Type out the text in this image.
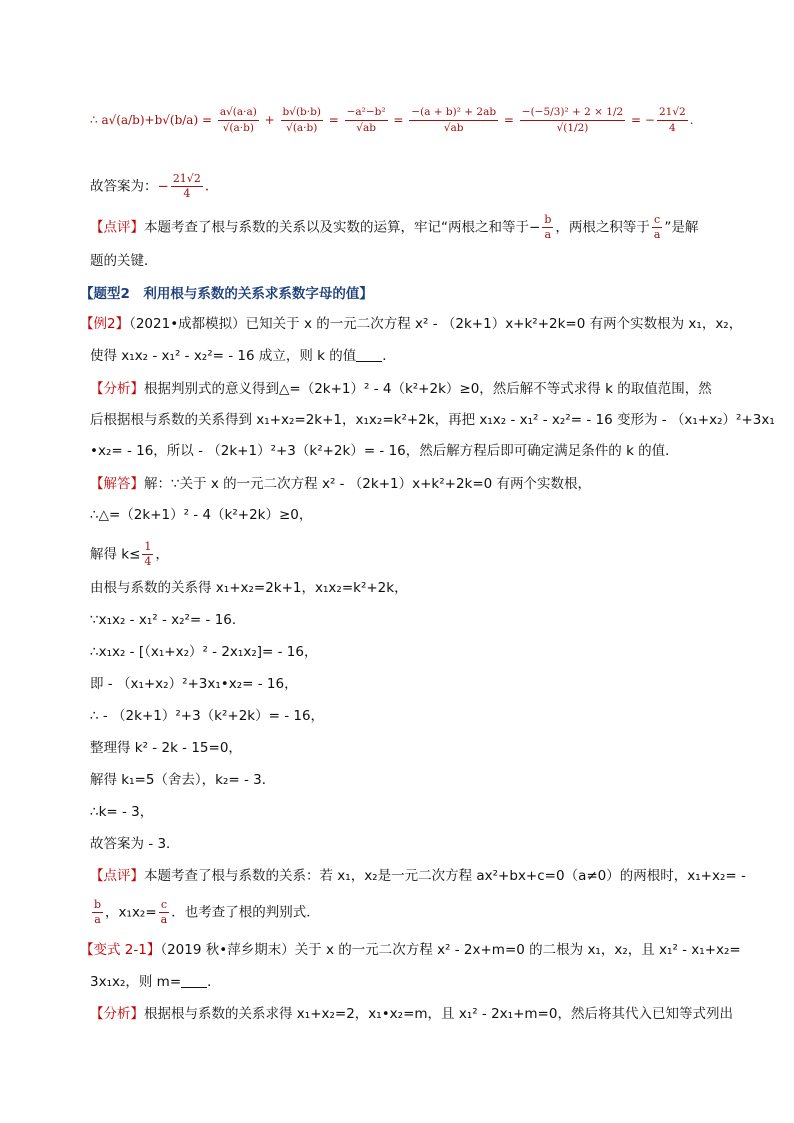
∴ $a√(a/b)+b√(b/a) = \frac{a√(a\cdot a)}{√(a\cdot b)} + \frac{b√(b\cdot b)}{√(a\cdot b)} = \frac{\text{−a²−b²}}{√ab} = \frac{\text{−(a + b)² + 2ab}}{√ab} = \frac{\text{−(−5/3)² + 2 × 1/2}}{√(1/2)}$ = − $\frac{21√2}{4}$ .
故答案为：− $\frac{21√2}{4}$ .
【点评】本题考查了根与系数的关系以及实数的运算，牢记“两根之和等于− $\frac{b}{a}$ ，两根之积等于 $\frac{c}{a}$ ”是解
题的关键．
【题型2　利用根与系数的关系求系数字母的值】
【例2】（2021•成都模拟）已知关于 x 的一元二次方程 x² - （2k+1）x+k²+2k=0 有两个实数根为 x₁，x₂，
使得 x₁x₂ - x₁² - x₂²= - 16 成立，则 k 的值 ．
【分析】根据判别式的意义得到△=（2k+1）² - 4（k²+2k）≥0，然后解不等式求得 k 的取值范围，然
后根据根与系数的关系得到 x₁+x₂=2k+1，x₁x₂=k²+2k，再把 x₁x₂ - x₁² - x₂²= - 16 变形为 - （x₁+x₂）²+3x₁
•x₂= - 16，所以 - （2k+1）²+3（k²+2k）= - 16，然后解方程后即可确定满足条件的 k 的值．
【解答】解：∵关于 x 的一元二次方程 x² - （2k+1）x+k²+2k=0 有两个实数根，
∴△=（2k+1）² - 4（k²+2k）≥0，
解得 $k\le \frac{1}{4}$ ，
由根与系数的关系得 x₁+x₂=2k+1，x₁x₂=k²+2k，
∵x₁x₂ - x₁² - x₂²= - 16．
∴x₁x₂ - [（x₁+x₂）² - 2x₁x₂]= - 16，
即 - （x₁+x₂）²+3x₁•x₂= - 16，
∴ - （2k+1）²+3（k²+2k）= - 16，
整理得 k² - 2k - 15=0，
解得 k₁=5（舍去），k₂= - 3．
∴k= - 3，
故答案为 - 3．
【点评】本题考查了根与系数的关系：若 x₁，x₂是一元二次方程 ax²+bx+c=0（a≠0）的两根时，x₁+x₂= -
$\frac{b}{a}$ ，$x_1x_2= \frac{c}{a}$ ．也考查了根的判别式．
【变式 2-1】（2019 秋•萍乡期末）关于 x 的一元二次方程 x² - 2x+m=0 的二根为 x₁，x₂，且 x₁² - x₁+x₂=
3x₁x₂，则 m= ．
【分析】根据根与系数的关系求得 x₁+x₂=2，x₁•x₂=m，且 x₁² - 2x₁+m=0，然后将其代入已知等式列出
